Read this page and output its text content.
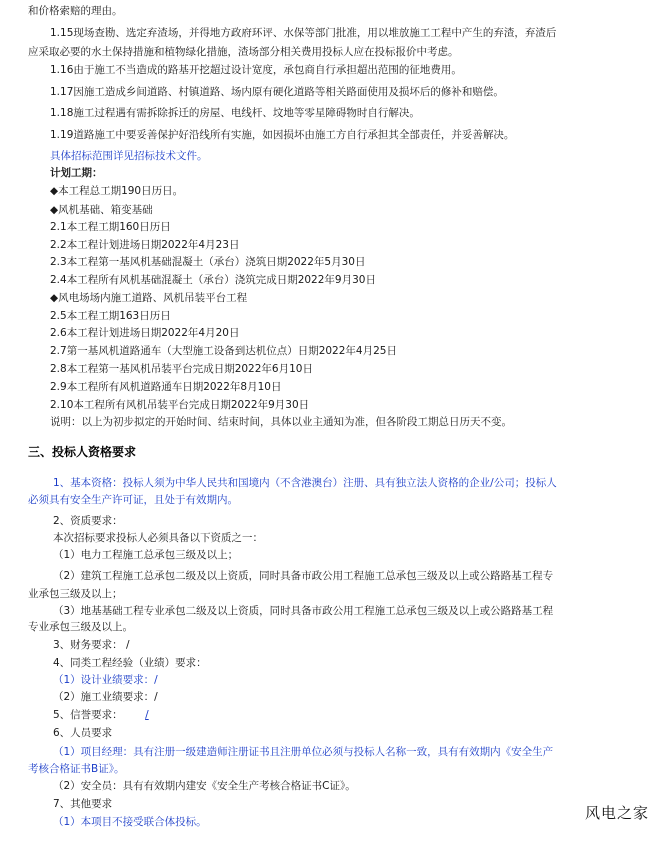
和价格索赔的理由。
1.15现场查勘、选定弃渣场，并得地方政府环评、水保等部门批准，用以堆放施工工程中产生的弃渣，弃渣后
应采取必要的水土保持措施和植物绿化措施，渣场部分相关费用投标人应在投标报价中考虑。
1.16由于施工不当造成的路基开挖超过设计宽度，承包商自行承担超出范围的征地费用。
1.17因施工造成乡间道路、村镇道路、场内原有硬化道路等相关路面使用及损坏后的修补和赔偿。
1.18施工过程遇有需拆除拆迁的房屋、电线杆、坟地等零星障碍物时自行解决。
1.19道路施工中要妥善保护好沿线所有实施，如因损坏由施工方自行承担其全部责任，并妥善解决。
具体招标范围详见招标技术文件。
计划工期：
◆本工程总工期190日历日。
◆风机基础、箱变基础
2.1本工程工期160日历日
2.2本工程计划进场日期2022年4月23日
2.3本工程第一基风机基础混凝土（承台）浇筑日期2022年5月30日
2.4本工程所有风机基础混凝土（承台）浇筑完成日期2022年9月30日
◆风电场场内施工道路、风机吊装平台工程
2.5本工程工期163日历日
2.6本工程计划进场日期2022年4月20日
2.7第一基风机道路通车（大型施工设备到达机位点）日期2022年4月25日
2.8本工程第一基风机吊装平台完成日期2022年6月10日
2.9本工程所有风机道路通车日期2022年8月10日
2.10本工程所有风机吊装平台完成日期2022年9月30日
说明：以上为初步拟定的开始时间、结束时间，具体以业主通知为准，但各阶段工期总日历天不变。
三、投标人资格要求
1、基本资格：投标人须为中华人民共和国境内（不含港澳台）注册、具有独立法人资格的企业/公司；投标人
必须具有安全生产许可证，且处于有效期内。
2、资质要求：
本次招标要求投标人必须具备以下资质之一：
（1）电力工程施工总承包三级及以上；
（2）建筑工程施工总承包二级及以上资质，同时具备市政公用工程施工总承包三级及以上或公路路基工程专
业承包三级及以上；
（3）地基基础工程专业承包二级及以上资质，同时具备市政公用工程施工总承包三级及以上或公路路基工程
专业承包三级及以上。
3、财务要求： /
4、同类工程经验（业绩）要求：
（1）设计业绩要求：/
（2）施工业绩要求：/
5、信誉要求： /
6、人员要求
（1）项目经理：具有注册一级建造师注册证书且注册单位必须与投标人名称一致，具有有效期内《安全生产
考核合格证书B证》。
（2）安全员：具有有效期内建安《安全生产考核合格证书C证》。
7、其他要求
（1）本项目不接受联合体投标。	风电之家
